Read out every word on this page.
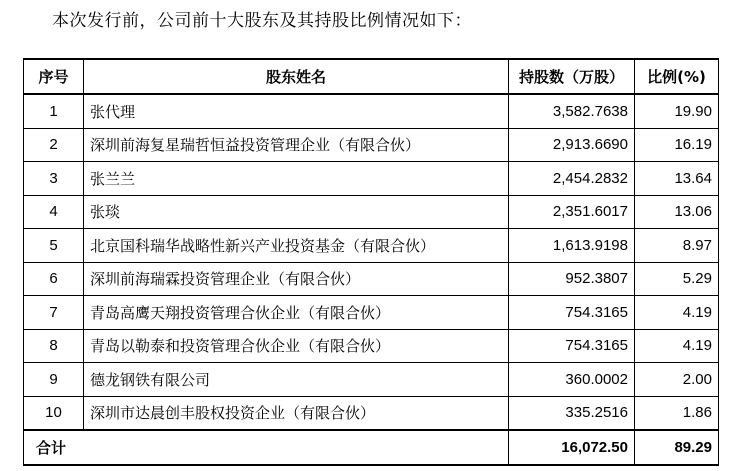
本次发行前，公司前十大股东及其持股比例情况如下：
序号	股东姓名	持股数（万股）	比例(%)
1	张代理	3,582.7638	19.90
2	深圳前海复星瑞哲恒益投资管理企业（有限合伙）	2,913.6690	16.19
3	张兰兰	2,454.2832	13.64
4	张琰	2,351.6017	13.06
5	北京国科瑞华战略性新兴产业投资基金（有限合伙）	1,613.9198	8.97
6	深圳前海瑞霖投资管理企业（有限合伙）	952.3807	5.29
7	青岛高鹰天翔投资管理合伙企业（有限合伙）	754.3165	4.19
8	青岛以勒泰和投资管理合伙企业（有限合伙）	754.3165	4.19
9	德龙钢铁有限公司	360.0002	2.00
10	深圳市达晨创丰股权投资企业（有限合伙）	335.2516	1.86
合计		16,072.50	89.29
